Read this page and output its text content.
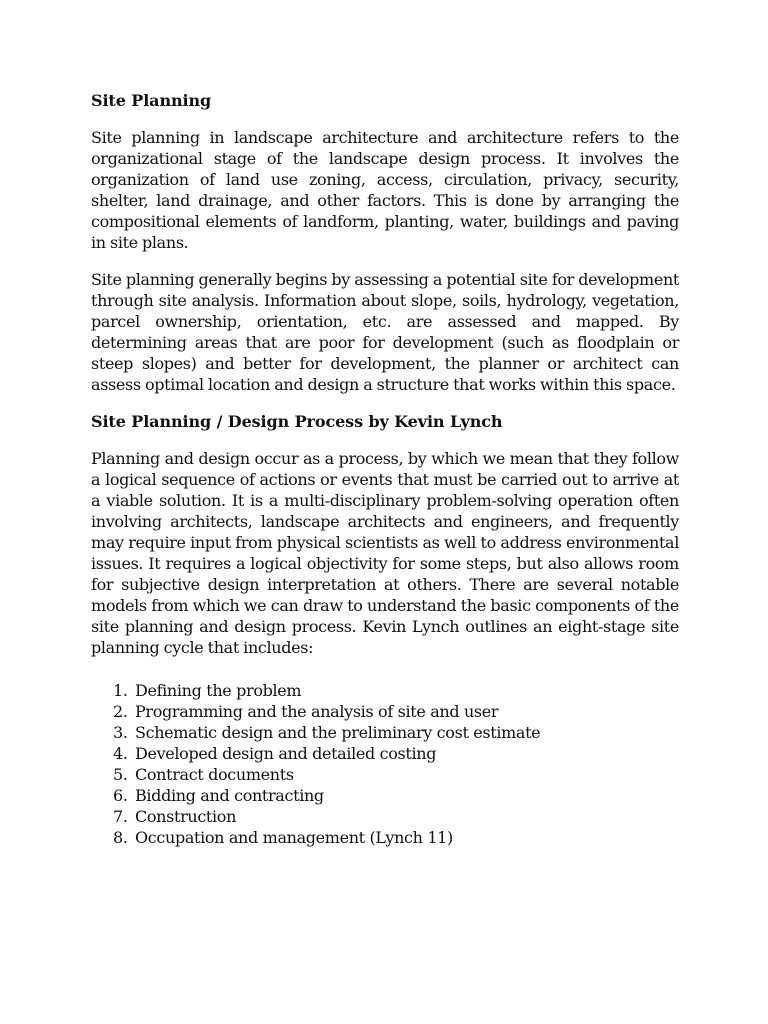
Site Planning

Site planning in landscape architecture and architecture refers to the organizational stage of the landscape design process. It involves the organization of land use zoning, access, circulation, privacy, security, shelter, land drainage, and other factors. This is done by arranging the compositional elements of landform, planting, water, buildings and paving in site plans.

Site planning generally begins by assessing a potential site for development through site analysis. Information about slope, soils, hydrology, vegetation, parcel ownership, orientation, etc. are assessed and mapped. By determining areas that are poor for development (such as floodplain or steep slopes) and better for development, the planner or architect can assess optimal location and design a structure that works within this space.

Site Planning / Design Process by Kevin Lynch

Planning and design occur as a process, by which we mean that they follow a logical sequence of actions or events that must be carried out to arrive at a viable solution. It is a multi-disciplinary problem-solving operation often involving architects, landscape architects and engineers, and frequently may require input from physical scientists as well to address environmental issues. It requires a logical objectivity for some steps, but also allows room for subjective design interpretation at others. There are several notable models from which we can draw to understand the basic components of the site planning and design process. Kevin Lynch outlines an eight-stage site planning cycle that includes:

1. Defining the problem
2. Programming and the analysis of site and user
3. Schematic design and the preliminary cost estimate
4. Developed design and detailed costing
5. Contract documents
6. Bidding and contracting
7. Construction
8. Occupation and management (Lynch 11)
